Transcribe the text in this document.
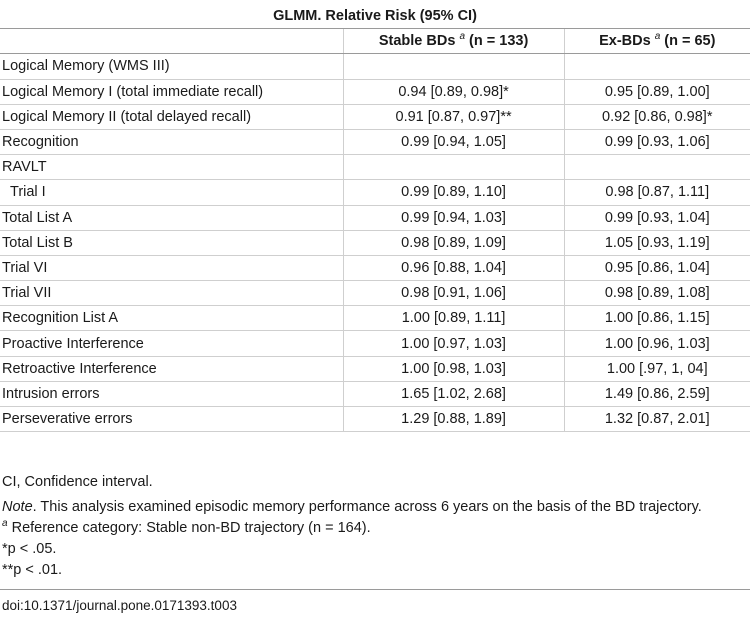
GLMM. Relative Risk (95% CI)		
	Stable BDs $^a$ (n = 133)	Ex-BDs $^a$ (n = 65)
Logical Memory (WMS III)		
Logical Memory I (total immediate recall)	0.94 [0.89, 0.98]*	0.95 [0.89, 1.00]
Logical Memory II (total delayed recall)	0.91 [0.87, 0.97]**	0.92 [0.86, 0.98]*
Recognition	0.99 [0.94, 1.05]	0.99 [0.93, 1.06]
RAVLT		
Trial I	0.99 [0.89, 1.10]	0.98 [0.87, 1.11]
Total List A	0.99 [0.94, 1.03]	0.99 [0.93, 1.04]
Total List B	0.98 [0.89, 1.09]	1.05 [0.93, 1.19]
Trial VI	0.96 [0.88, 1.04]	0.95 [0.86, 1.04]
Trial VII	0.98 [0.91, 1.06]	0.98 [0.89, 1.08]
Recognition List A	1.00 [0.89, 1.11]	1.00 [0.86, 1.15]
Proactive Interference	1.00 [0.97, 1.03]	1.00 [0.96, 1.03]
Retroactive Interference	1.00 [0.98, 1.03]	1.00 [.97, 1, 04]
Intrusion errors	1.65 [1.02, 2.68]	1.49 [0.86, 2.59]
Perseverative errors	1.29 [0.88, 1.89]	1.32 [0.87, 2.01]

CI, Confidence interval.

Note. This analysis examined episodic memory performance across 6 years on the basis of the BD trajectory.

$^a$ Reference category: Stable non-BD trajectory (n = 164).

*p < .05.

**p < .01.

doi:10.1371/journal.pone.0171393.t003
